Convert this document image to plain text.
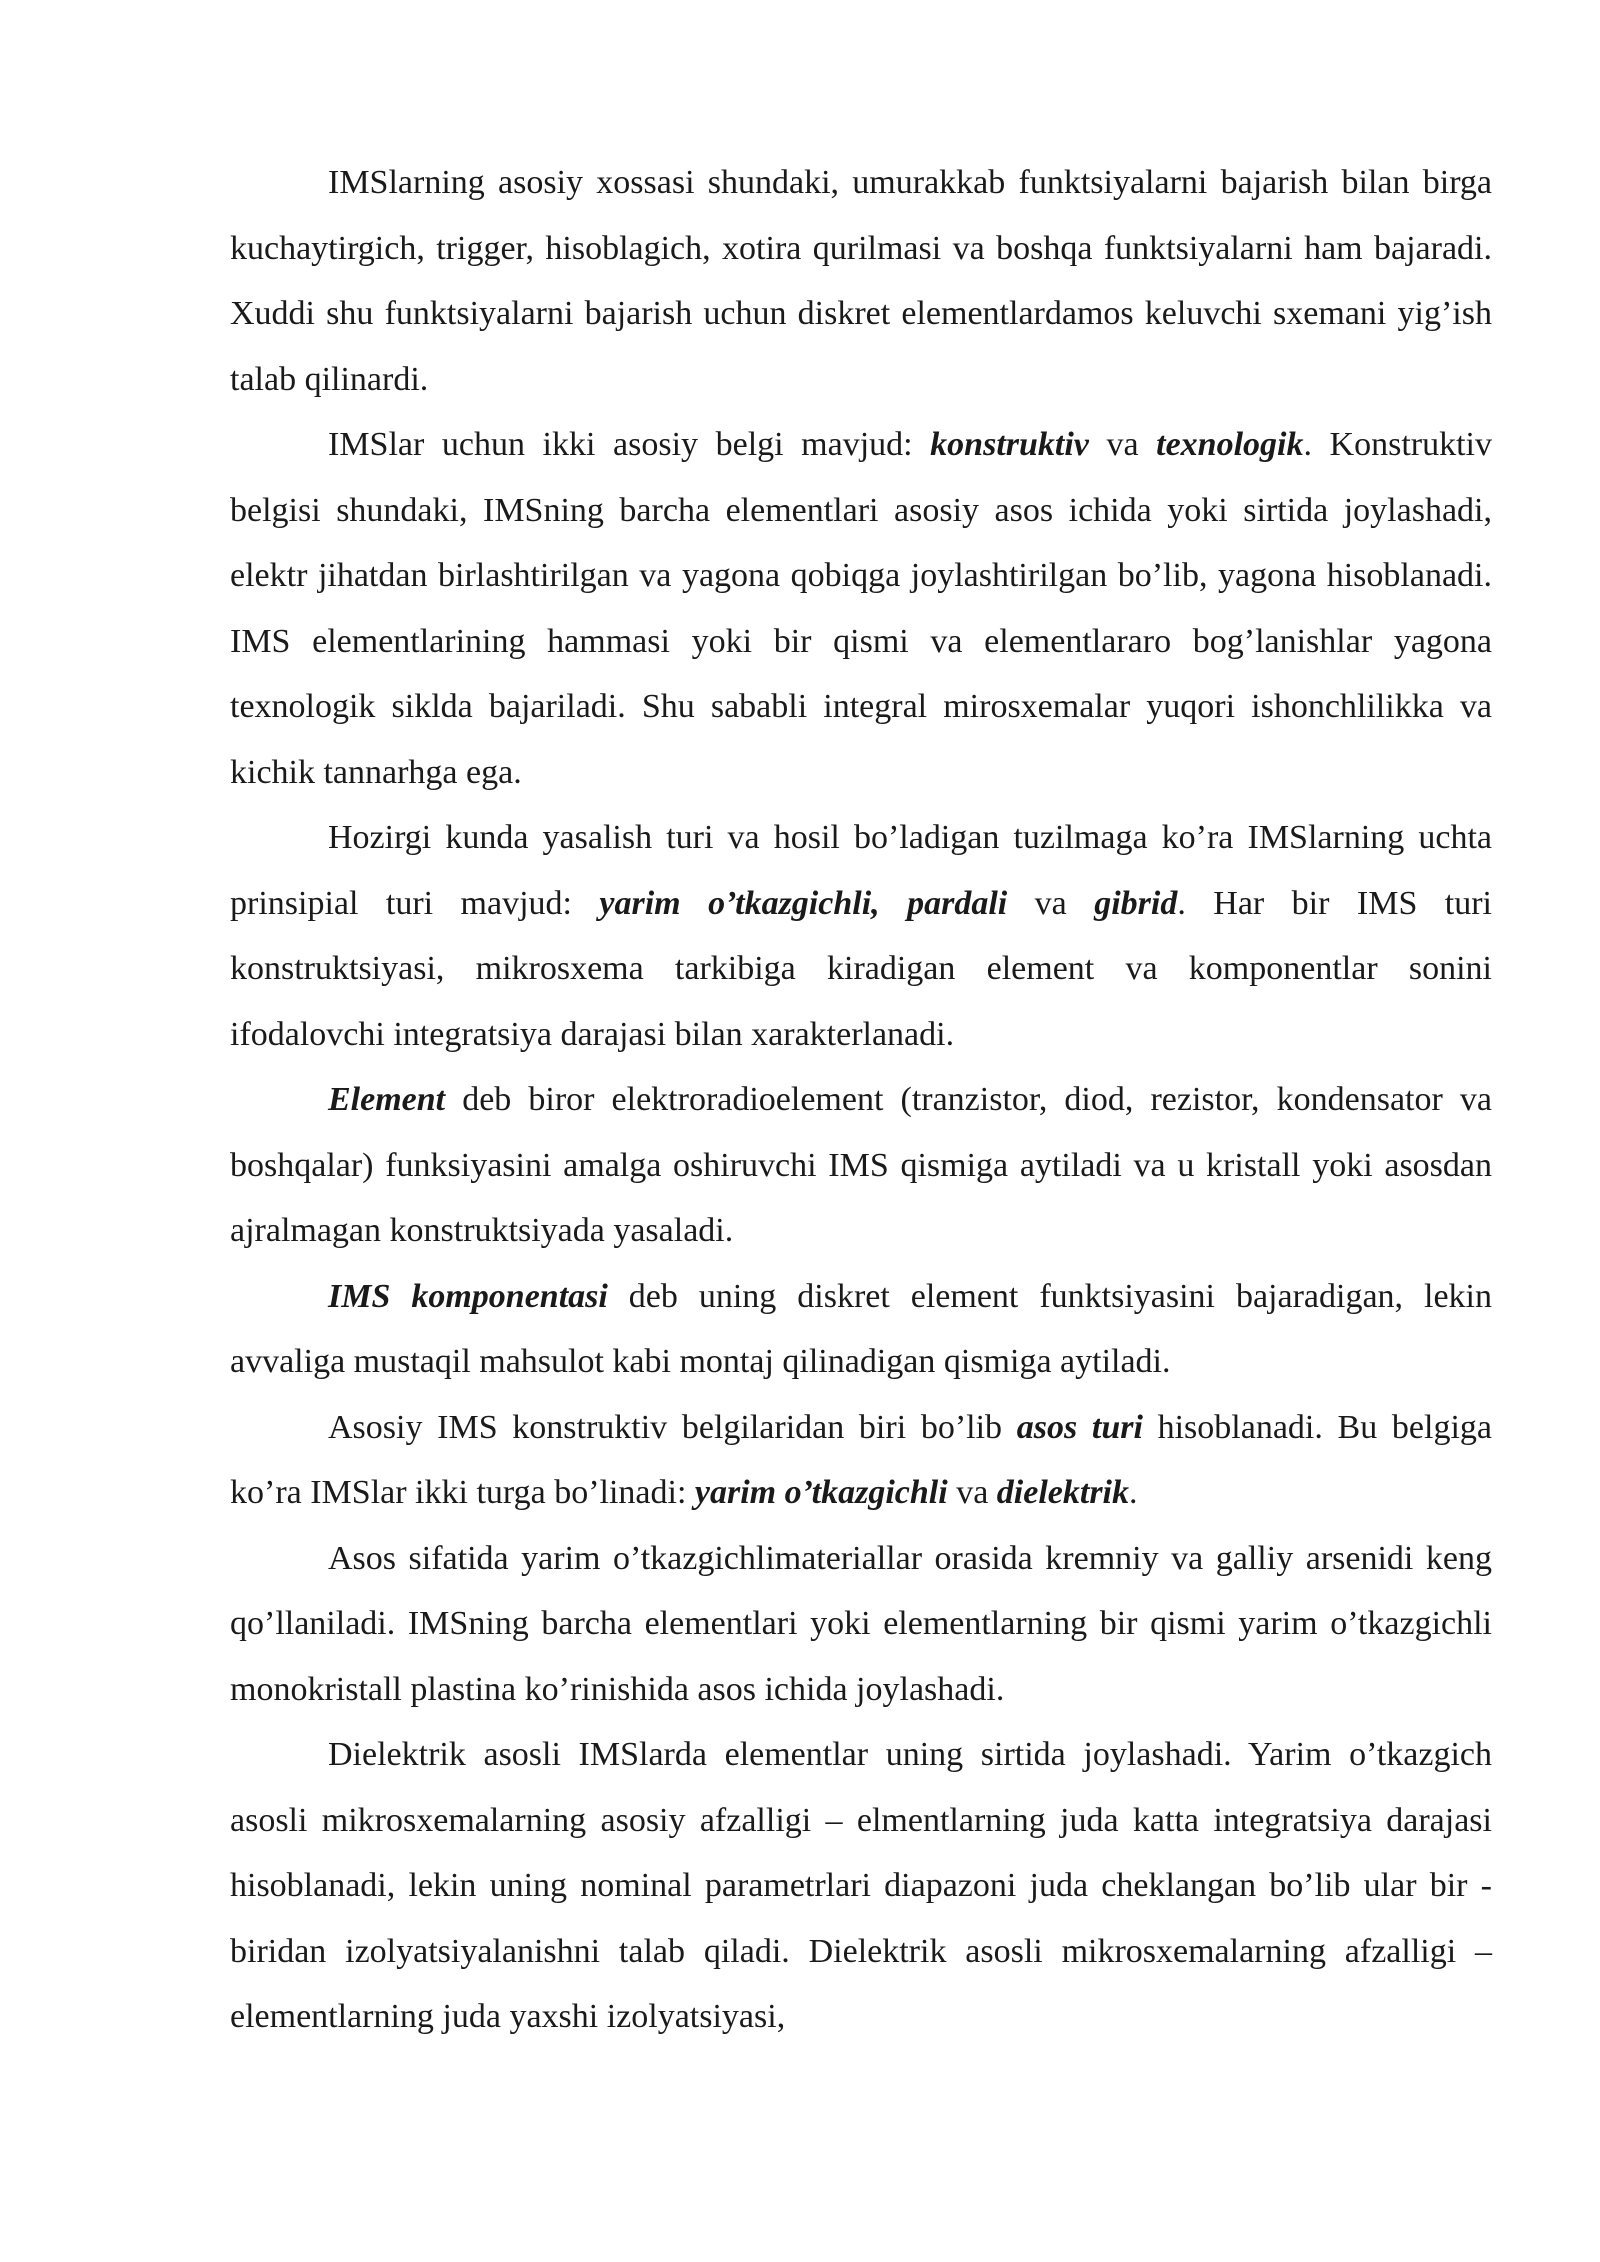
IMSlarning asosiy xossasi shundaki, umurakkab funktsiyalarni bajarish bilan birga kuchaytirgich, trigger, hisoblagich, xotira qurilmasi va boshqa funktsiyalarni ham bajaradi. Xuddi shu funktsiyalarni bajarish uchun diskret elementlardamos keluvchi sxemani yig’ish talab qilinardi.

IMSlar uchun ikki asosiy belgi mavjud: konstruktiv va texnologik. Konstruktiv belgisi shundaki, IMSning barcha elementlari asosiy asos ichida yoki sirtida joylashadi, elektr jihatdan birlashtirilgan va yagona qobiqga joylashtirilgan bo’lib, yagona hisoblanadi. IMS elementlarining hammasi yoki bir qismi va elementlararo bog’lanishlar yagona texnologik siklda bajariladi. Shu sababli integral mirosxemalar yuqori ishonchlilikka va kichik tannarhga ega.

Hozirgi kunda yasalish turi va hosil bo’ladigan tuzilmaga ko’ra IMSlarning uchta prinsipial turi mavjud: yarim o’tkazgichli, pardali va gibrid. Har bir IMS turi konstruktsiyasi, mikrosxema tarkibiga kiradigan element va komponentlar sonini ifodalovchi integratsiya darajasi bilan xarakterlanadi.

Element deb biror elektroradioelement (tranzistor, diod, rezistor, kondensator va boshqalar) funksiyasini amalga oshiruvchi IMS qismiga aytiladi va u kristall yoki asosdan ajralmagan konstruktsiyada yasaladi.

IMS komponentasi deb uning diskret element funktsiyasini bajaradigan, lekin avvaliga mustaqil mahsulot kabi montaj qilinadigan qismiga aytiladi.

Asosiy IMS konstruktiv belgilaridan biri bo’lib asos turi hisoblanadi. Bu belgiga ko’ra IMSlar ikki turga bo’linadi: yarim o’tkazgichli va dielektrik.

Asos sifatida yarim o’tkazgichlimateriallar orasida kremniy va galliy arsenidi keng qo’llaniladi. IMSning barcha elementlari yoki elementlarning bir qismi yarim o’tkazgichli monokristall plastina ko’rinishida asos ichida joylashadi.

Dielektrik asosli IMSlarda elementlar uning sirtida joylashadi. Yarim o’tkazgich asosli mikrosxemalarning asosiy afzalligi – elmentlarning juda katta integratsiya darajasi hisoblanadi, lekin uning nominal parametrlari diapazoni juda cheklangan bo’lib ular bir - biridan izolyatsiyalanishni talab qiladi. Dielektrik asosli mikrosxemalarning afzalligi – elementlarning juda yaxshi izolyatsiyasi,
